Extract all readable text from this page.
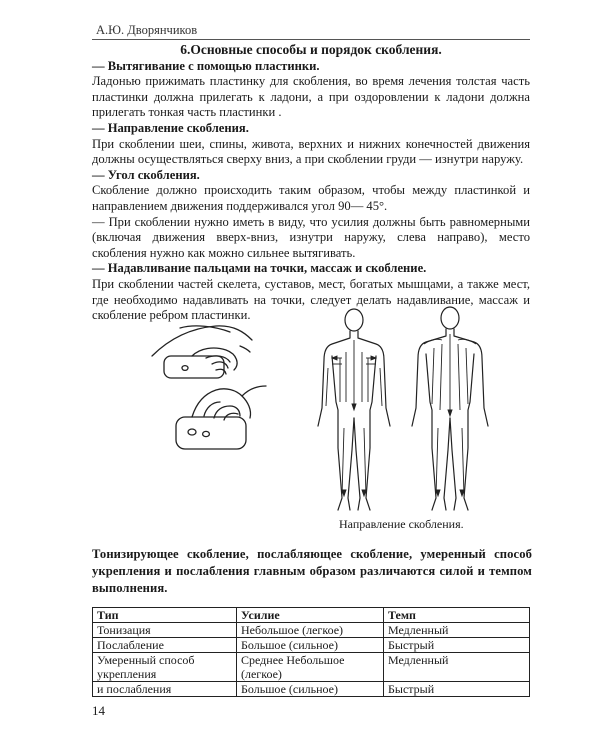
А.Ю. Дворянчиков
6.Основные способы и порядок скобления.

— Вытягивание с помощью пластинки.

Ладонью прижимать пластинку для скобления, во время лечения толстая часть пластинки должна прилегать к ладони, а при оздоровлении к ладони должна прилегать тонкая часть пластинки .

— Направление скобления.

При скоблении шеи, спины, живота, верхних и нижних конечностей движения должны осуществляться сверху вниз, а при скоблении груди — изнутри наружу.

— Угол скобления.

Скобление должно происходить таким образом, чтобы между пластинкой и направлением движения поддерживался угол 90— 45°.

— При скоблении нужно иметь в виду, что усилия должны быть равномерными (включая движения вверх-вниз, изнутри наружу, слева направо), место скобления нужно как можно сильнее вытягивать.

— Надавливание пальцами на точки, массаж и скобление.

При скоблении частей скелета, суставов, мест, богатых мышцами, а также мест, где необходимо надавливать на точки, следует делать надавливание, массаж и скобление ребром пластинки.

Направление скобления.
Тонизирующее скобление, послабляющее скобление, умеренный способ укрепления и послабления главным образом различаются силой и темпом выполнения.
Тип	Усилие	Темп
Тонизация	Небольшое (легкое)	Медленный
Послабление	Большое (сильное)	Быстрый
Умеренный способ укрепления	Среднее Небольшое (легкое)	Медленный
и послабления	Большое (сильное)	Быстрый
14
